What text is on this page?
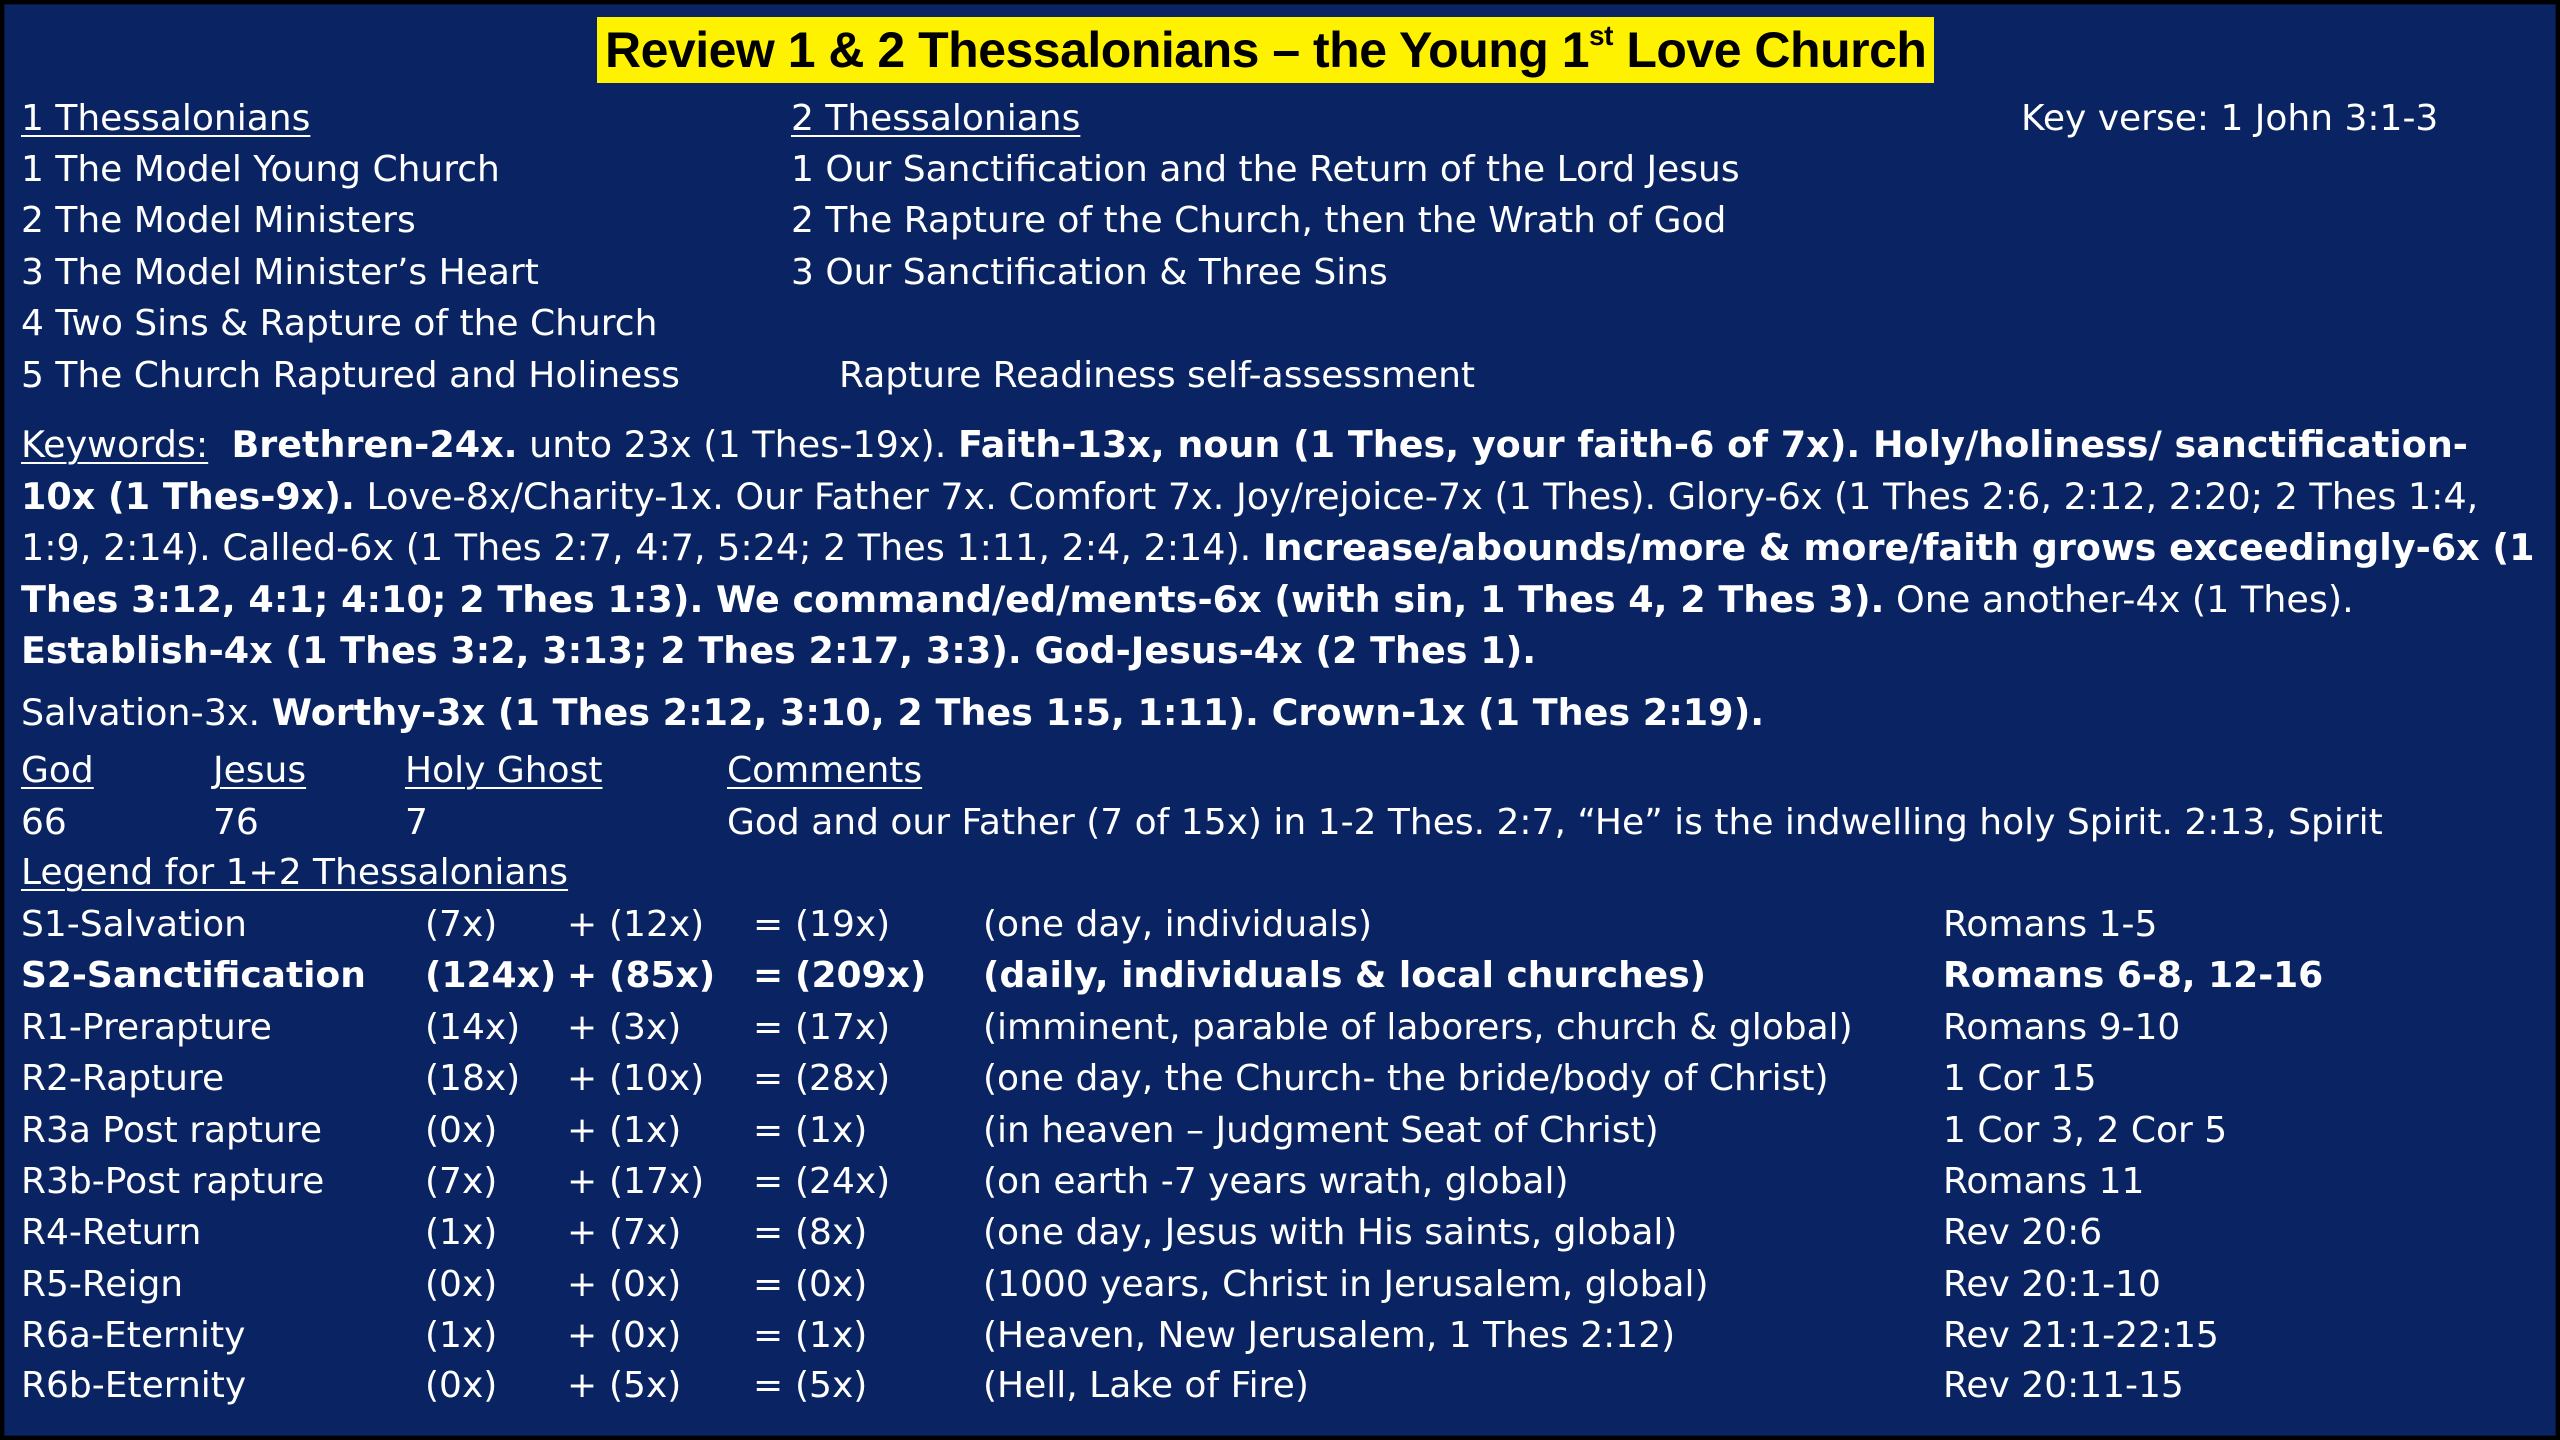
Review 1 & 2 Thessalonians – the Young 1st Love Church
1 Thessalonians
1 The Model Young Church
2 The Model Ministers
3 The Model Minister’s Heart
4 Two Sins & Rapture of the Church
5 The Church Raptured and Holiness
2 Thessalonians
1 Our Sanctification and the Return of the Lord Jesus
2 The Rapture of the Church, then the Wrath of God
3 Our Sanctification & Three Sins
Rapture Readiness self-assessment
Key verse: 1 John 3:1-3
Keywords: Brethren-24x. unto 23x (1 Thes-19x). Faith-13x, noun (1 Thes, your faith-6 of 7x). Holy/holiness/ sanctification-10x (1 Thes-9x). Love-8x/Charity-1x. Our Father 7x. Comfort 7x. Joy/rejoice-7x (1 Thes). Glory-6x (1 Thes 2:6, 2:12, 2:20; 2 Thes 1:4, 1:9, 2:14). Called-6x (1 Thes 2:7, 4:7, 5:24; 2 Thes 1:11, 2:4, 2:14). Increase/abounds/more & more/faith grows exceedingly-6x (1 Thes 3:12, 4:1; 4:10; 2 Thes 1:3). We command/ed/ments-6x (with sin, 1 Thes 4, 2 Thes 3). One another-4x (1 Thes). Establish-4x (1 Thes 3:2, 3:13; 2 Thes 2:17, 3:3). God-Jesus-4x (2 Thes 1).
Salvation-3x. Worthy-3x (1 Thes 2:12, 3:10, 2 Thes 1:5, 1:11). Crown-1x (1 Thes 2:19).
God	Jesus	Holy Ghost	Comments
66	76	7	God and our Father (7 of 15x) in 1-2 Thes. 2:7, “He” is the indwelling holy Spirit. 2:13, Spirit
Legend for 1+2 Thessalonians
S1-Salvation	(7x) + (12x) = (19x)	(one day, individuals)	Romans 1-5
S2-Sanctification (124x) + (85x) = (209x) (daily, individuals & local churches)	Romans 6-8, 12-16
R1-Prerapture	(14x) + (3x) = (17x)	(imminent, parable of laborers, church & global)	Romans 9-10
R2-Rapture	(18x) + (10x) = (28x)	(one day, the Church- the bride/body of Christ)	1 Cor 15
R3a Post rapture	(0x) + (1x) = (1x)	(in heaven – Judgment Seat of Christ)	1 Cor 3, 2 Cor 5
R3b-Post rapture	(7x) + (17x) = (24x)	(on earth -7 years wrath, global)	Romans 11
R4-Return	(1x) + (7x) = (8x)	(one day, Jesus with His saints, global)	Rev 20:6
R5-Reign	(0x) + (0x) = (0x)	(1000 years, Christ in Jerusalem, global)	Rev 20:1-10
R6a-Eternity	(1x) + (0x) = (1x)	(Heaven, New Jerusalem, 1 Thes 2:12)	Rev 21:1-22:15
R6b-Eternity	(0x) + (5x) = (5x)	(Hell, Lake of Fire)	Rev 20:11-15
